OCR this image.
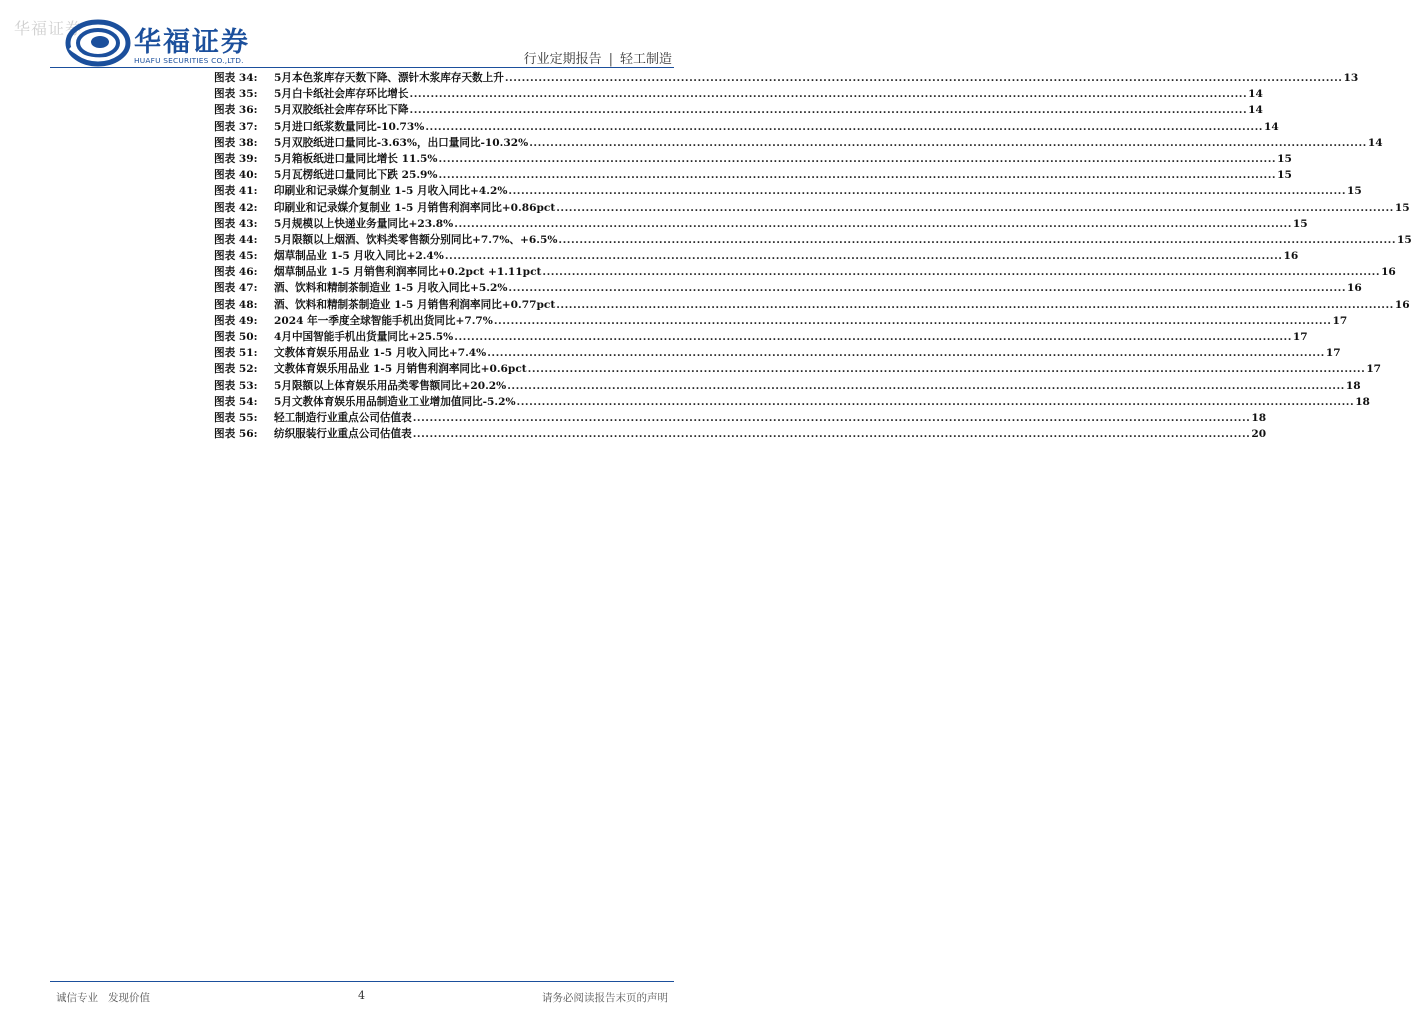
华福证券 华福证券
HUAFU SECURITIES CO.,LTD.	行业定期报告 | 轻工制造
图表 34:	5月本色浆库存天数下降、漂针木浆库存天数上升 ........................................................................................................................................................................................................ 13
图表 35:	5月白卡纸社会库存环比增长 ........................................................................................................................................................................................................ 14
图表 36:	5月双胶纸社会库存环比下降 ........................................................................................................................................................................................................ 14
图表 37:	5月进口纸浆数量同比-10.73% ........................................................................................................................................................................................................ 14
图表 38:	5月双胶纸进口量同比-3.63%，出口量同比-10.32% ........................................................................................................................................................................................................ 14
图表 39:	5月箱板纸进口量同比增长 11.5% ........................................................................................................................................................................................................ 15
图表 40:	5月瓦楞纸进口量同比下跌 25.9% ........................................................................................................................................................................................................ 15
图表 41:	印刷业和记录媒介复制业 1-5 月收入同比+4.2% ........................................................................................................................................................................................................ 15
图表 42:	印刷业和记录媒介复制业 1-5 月销售利润率同比+0.86pct ........................................................................................................................................................................................................ 15
图表 43:	5月规模以上快递业务量同比+23.8% ........................................................................................................................................................................................................ 15
图表 44:	5月限额以上烟酒、饮料类零售额分别同比+7.7%、+6.5% ........................................................................................................................................................................................................ 15
图表 45:	烟草制品业 1-5 月收入同比+2.4% ........................................................................................................................................................................................................ 16
图表 46:	烟草制品业 1-5 月销售利润率同比+0.2pct +1.11pct ........................................................................................................................................................................................................ 16
图表 47:	酒、饮料和精制茶制造业 1-5 月收入同比+5.2% ........................................................................................................................................................................................................ 16
图表 48:	酒、饮料和精制茶制造业 1-5 月销售利润率同比+0.77pct ........................................................................................................................................................................................................ 16
图表 49:	2024 年一季度全球智能手机出货同比+7.7% ........................................................................................................................................................................................................ 17
图表 50:	4月中国智能手机出货量同比+25.5% ........................................................................................................................................................................................................ 17
图表 51:	文教体育娱乐用品业 1-5 月收入同比+7.4% ........................................................................................................................................................................................................ 17
图表 52:	文教体育娱乐用品业 1-5 月销售利润率同比+0.6pct ........................................................................................................................................................................................................ 17
图表 53:	5月限额以上体育娱乐用品类零售额同比+20.2% ........................................................................................................................................................................................................ 18
图表 54:	5月文教体育娱乐用品制造业工业增加值同比-5.2% ........................................................................................................................................................................................................ 18
图表 55:	轻工制造行业重点公司估值表 ........................................................................................................................................................................................................ 18
图表 56:	纺织服装行业重点公司估值表 ........................................................................................................................................................................................................ 20
诚信专业 发现价值	4	请务必阅读报告末页的声明
